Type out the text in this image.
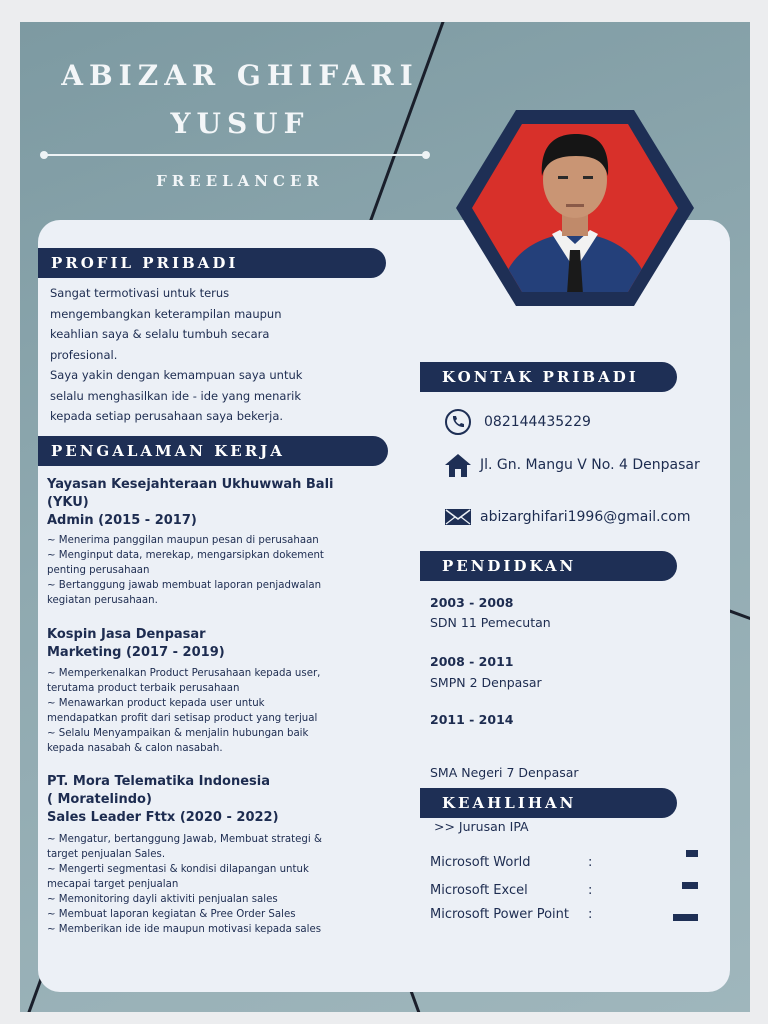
ABIZAR GHIFARI
YUSUF
FREELANCER
PROFIL PRIBADI
Sangat termotivasi untuk terus
mengembangkan keterampilan maupun
keahlian saya & selalu tumbuh secara
profesional.
Saya yakin dengan kemampuan saya untuk
selalu menghasilkan ide - ide yang menarik
kepada setiap perusahaan saya bekerja.
PENGALAMAN KERJA
Yayasan Kesejahteraan Ukhuwwah Bali
(YKU)
Admin (2015 - 2017)
~ Menerima panggilan maupun pesan di perusahaan
~ Menginput data, merekap, mengarsipkan dokement
penting perusahaan
~ Bertanggung jawab membuat laporan penjadwalan
kegiatan perusahaan.
Kospin Jasa Denpasar
Marketing (2017 - 2019)
~ Memperkenalkan Product Perusahaan kepada user,
terutama product terbaik perusahaan
~ Menawarkan product kepada user untuk
mendapatkan profit dari setisap product yang terjual
~ Selalu Menyampaikan & menjalin hubungan baik
kepada nasabah & calon nasabah.
PT. Mora Telematika Indonesia
( Moratelindo)
Sales Leader Fttx (2020 - 2022)
~ Mengatur, bertanggung Jawab, Membuat strategi &
target penjualan Sales.
~ Mengerti segmentasi & kondisi dilapangan untuk
mecapai target penjualan
~ Memonitoring dayli aktiviti penjualan sales
~ Membuat laporan kegiatan & Pree Order Sales
~ Memberikan ide ide maupun motivasi kepada sales
KONTAK PRIBADI
082144435229
Jl. Gn. Mangu V No. 4 Denpasar
abizarghifari1996@gmail.com
PENDIDKAN
2003 - 2008
SDN 11 Pemecutan
2008 - 2011
SMPN 2 Denpasar
2011 - 2014

SMA Negeri 7 Denpasar

>> Jurusan IPA

KEAHLIHAN
Microsoft World	:
Microsoft Excel	:
Microsoft Power Point :
